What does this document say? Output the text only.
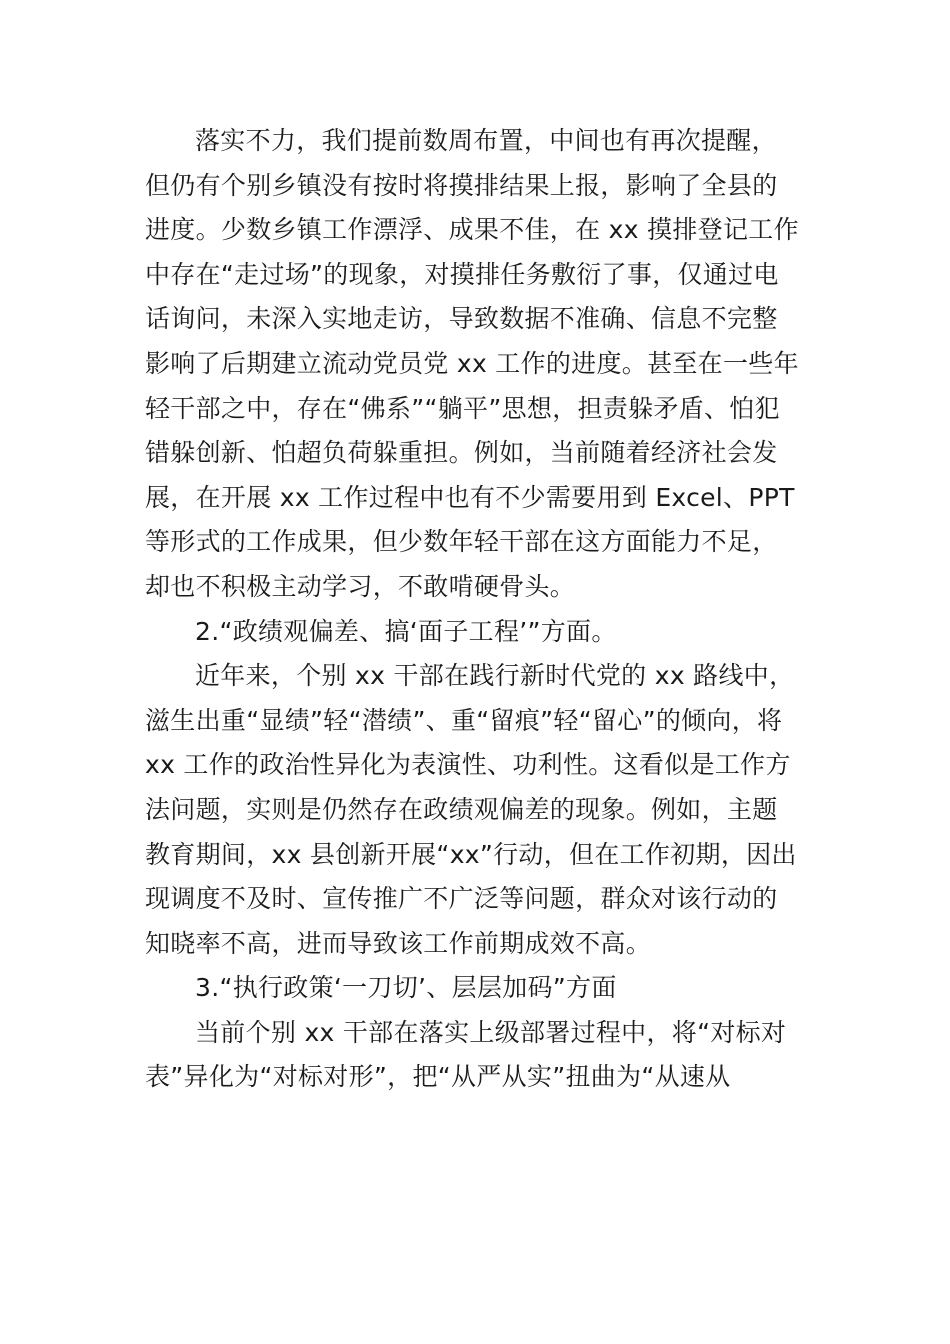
落实不力，我们提前数周布置，中间也有再次提醒，
但仍有个别乡镇没有按时将摸排结果上报，影响了全县的
进度。少数乡镇工作漂浮、成果不佳，在 xx 摸排登记工作
中存在“走过场”的现象，对摸排任务敷衍了事，仅通过电
话询问，未深入实地走访，导致数据不准确、信息不完整
影响了后期建立流动党员党 xx 工作的进度。甚至在一些年
轻干部之中，存在“佛系”“躺平”思想，担责躲矛盾、怕犯
错躲创新、怕超负荷躲重担。例如，当前随着经济社会发
展，在开展 xx 工作过程中也有不少需要用到 Excel、PPT
等形式的工作成果，但少数年轻干部在这方面能力不足，
却也不积极主动学习，不敢啃硬骨头。
2.“政绩观偏差、搞‘面子工程’”方面。
近年来，个别 xx 干部在践行新时代党的 xx 路线中，
滋生出重“显绩”轻“潜绩”、重“留痕”轻“留心”的倾向，将
xx 工作的政治性异化为表演性、功利性。这看似是工作方
法问题，实则是仍然存在政绩观偏差的现象。例如，主题
教育期间，xx 县创新开展“xx”行动，但在工作初期，因出
现调度不及时、宣传推广不广泛等问题，群众对该行动的
知晓率不高，进而导致该工作前期成效不高。
3.“执行政策‘一刀切’、层层加码”方面
当前个别 xx 干部在落实上级部署过程中，将“对标对
表”异化为“对标对形”，把“从严从实”扭曲为“从速从
